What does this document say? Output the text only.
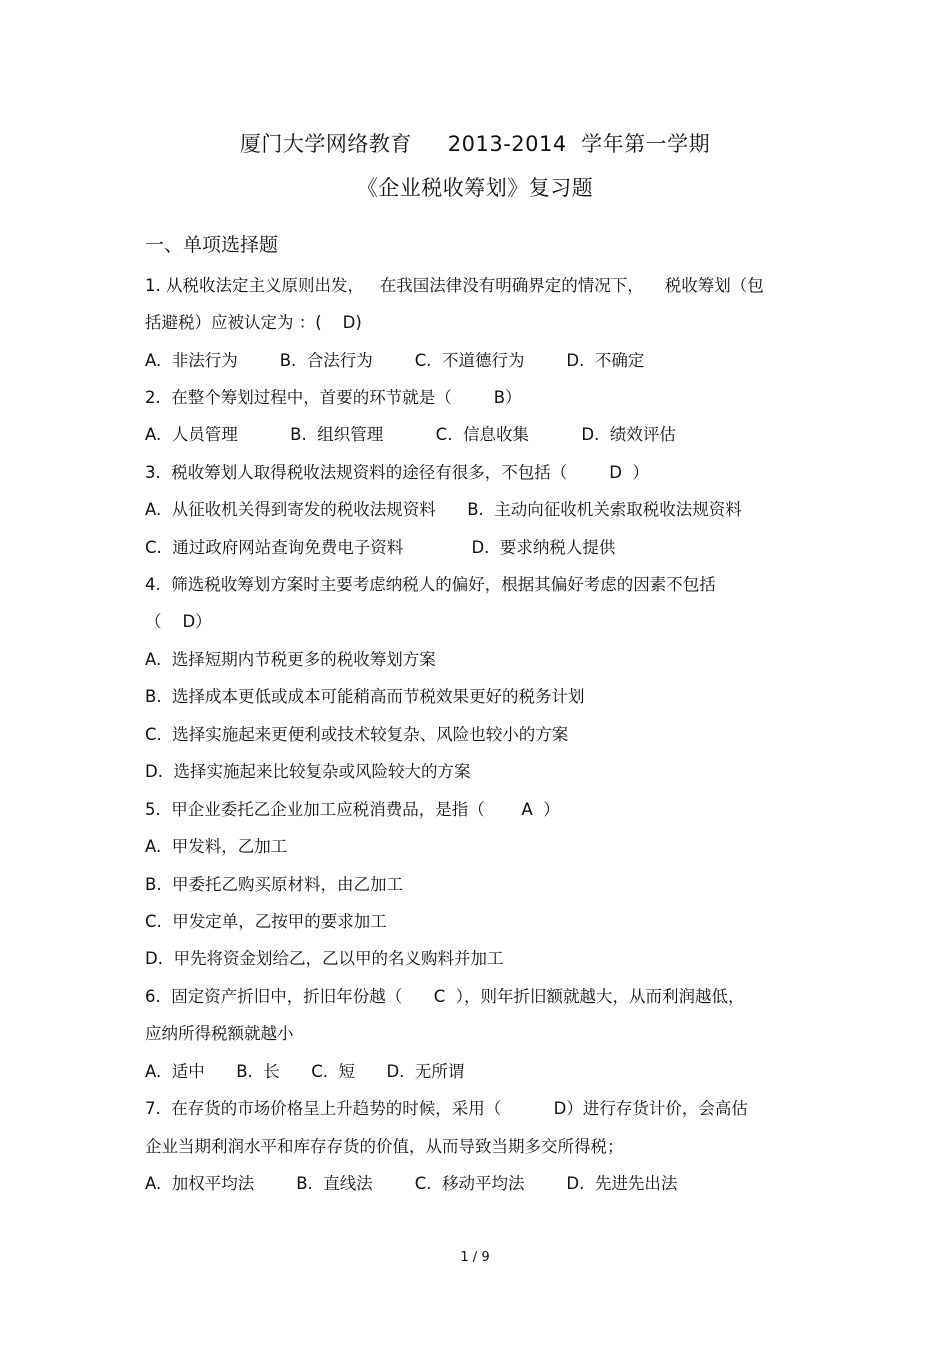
厦门大学网络教育     2013-2014  学年第一学期
《企业税收筹划》复习题
一、单项选择题
1. 从税收法定主义原则出发，   在我国法律没有明确界定的情况下，    税收筹划（包
括避税）应被认定为 ：(    D)
A.  非法行为        B.  合法行为        C.  不道德行为        D.  不确定
2.  在整个筹划过程中，首要的环节就是（        B）
A.  人员管理          B.  组织管理          C.  信息收集          D.  绩效评估
3.  税收筹划人取得税收法规资料的途径有很多，不包括（        D  ）
A.  从征收机关得到寄发的税收法规资料      B.  主动向征收机关索取税收法规资料
C.  通过政府网站查询免费电子资料             D.  要求纳税人提供
4.  筛选税收筹划方案时主要考虑纳税人的偏好，根据其偏好考虑的因素不包括
（    D）
A.  选择短期内节税更多的税收筹划方案
B.  选择成本更低或成本可能稍高而节税效果更好的税务计划
C.  选择实施起来更便利或技术较复杂、风险也较小的方案
D.  选择实施起来比较复杂或风险较大的方案
5.  甲企业委托乙企业加工应税消费品，是指（       A  ）
A.  甲发料，乙加工
B.  甲委托乙购买原材料，由乙加工
C.  甲发定单，乙按甲的要求加工
D.  甲先将资金划给乙，乙以甲的名义购料并加工
6.  固定资产折旧中，折旧年份越（      C  ），则年折旧额就越大，从而利润越低，
应纳所得税额就越小
A.  适中      B.  长      C.  短      D.  无所谓
7.  在存货的市场价格呈上升趋势的时候，采用（          D）进行存货计价，会高估
企业当期利润水平和库存存货的价值，从而导致当期多交所得税；
A.  加权平均法        B.  直线法        C.  移动平均法        D.  先进先出法
1 / 9
